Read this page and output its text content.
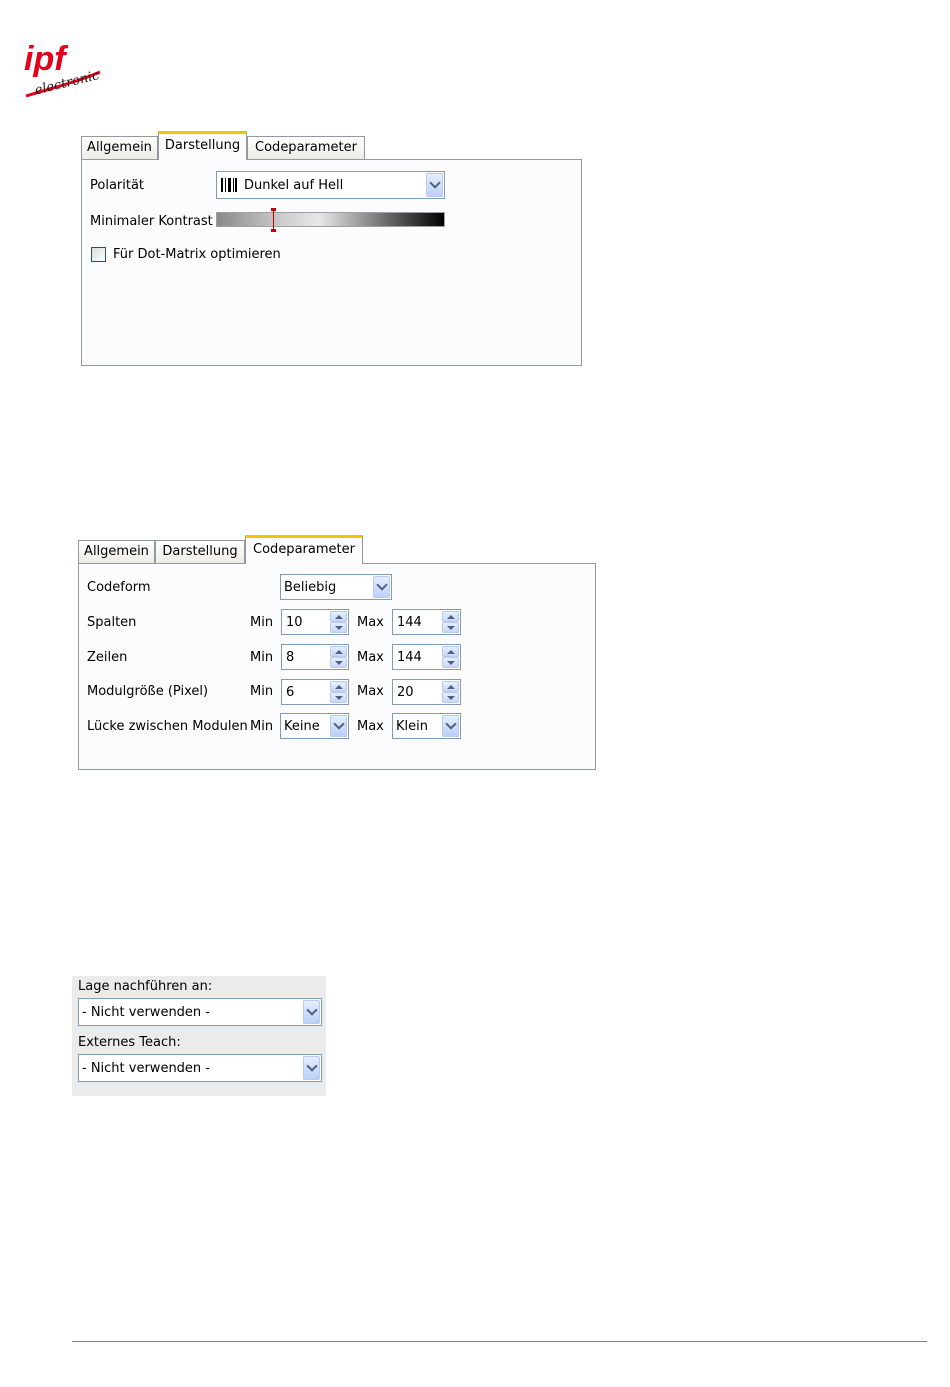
ipf
electronic
Allgemein Darstellung	Codeparameter
Polarität	Dunkel auf Hell
Minimaler Kontrast
Für Dot-Matrix optimieren
Allgemein	Darstellung	Codeparameter
Codeform	Beliebig
Spalten	Min 10	Max 144
Zeilen	Min 8	Max 144
Modulgröße (Pixel)	Min 6	Max 20
Lücke zwischen Modulen Min Keine	Max Klein
Lage nachführen an:
- Nicht verwenden -
Externes Teach:
- Nicht verwenden -
